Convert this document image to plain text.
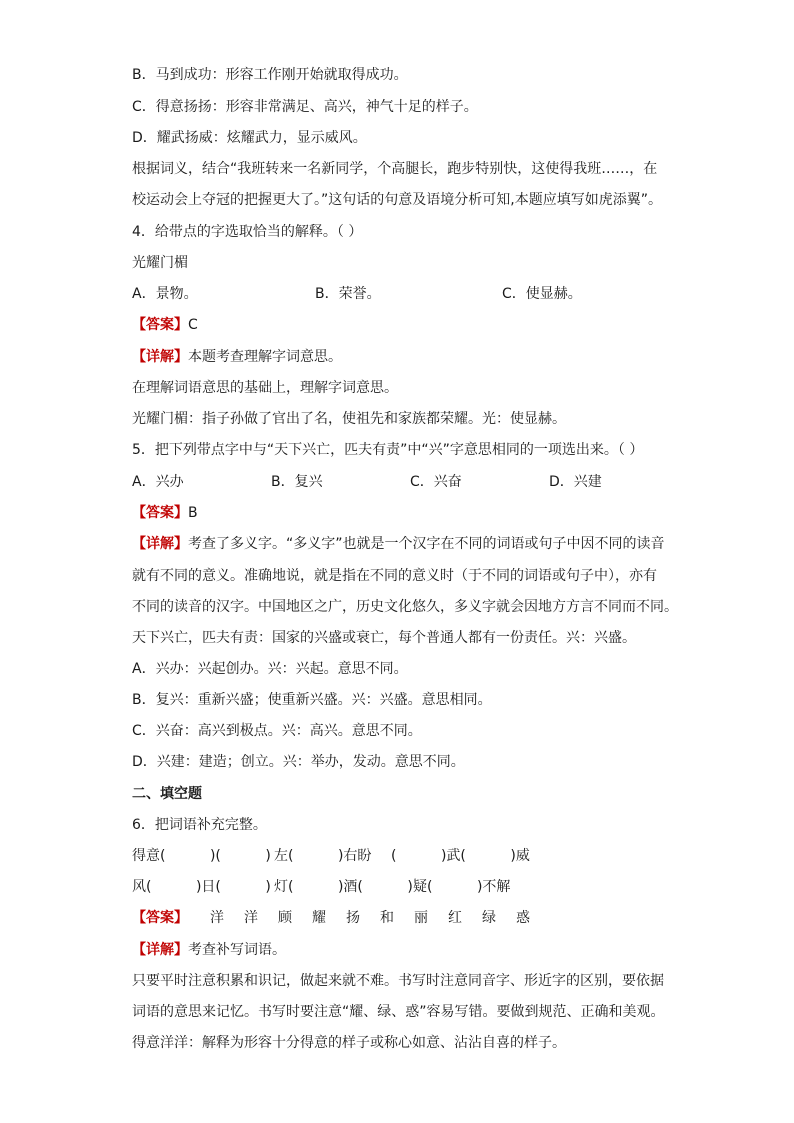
B．马到成功：形容工作刚开始就取得成功。
C．得意扬扬：形容非常满足、高兴，神气十足的样子。
D．耀武扬威：炫耀武力，显示威风。
根据词义，结合“我班转来一名新同学，个高腿长，跑步特别快，这使得我班……，在
校运动会上夺冠的把握更大了。”这句话的句意及语境分析可知,本题应填写如虎添翼”。
4．给带点的字选取恰当的解释。（ ）
光耀门楣
A．景物。	B．荣誉。	C．使显赫。
【答案】C
【详解】本题考查理解字词意思。
在理解词语意思的基础上，理解字词意思。
光耀门楣：指子孙做了官出了名，使祖先和家族都荣耀。光：使显赫。
5．把下列带点字中与“天下兴亡，匹夫有责”中“兴”字意思相同的一项选出来。（ ）
A．兴办	B．复兴	C．兴奋	D．兴建
【答案】B
【详解】考查了多义字。“多义字”也就是一个汉字在不同的词语或句子中因不同的读音
就有不同的意义。准确地说，就是指在不同的意义时（于不同的词语或句子中），亦有
不同的读音的汉字。中国地区之广，历史文化悠久，多义字就会因地方方言不同而不同。
天下兴亡，匹夫有责：国家的兴盛或衰亡，每个普通人都有一份责任。兴：兴盛。
A．兴办：兴起创办。兴：兴起。意思不同。
B．复兴：重新兴盛；使重新兴盛。兴：兴盛。意思相同。
C．兴奋：高兴到极点。兴：高兴。意思不同。
D．兴建：建造；创立。兴：举办，发动。意思不同。
二、填空题
6．把词语补充完整。
得意(          )(          ) 左(          )右盼	(          )武(          )威
风(          )日(          ) 灯(          )酒(          ) 疑(          )不解
【答案】 洋 洋 顾 耀 扬 和 丽 红 绿 惑
【详解】考查补写词语。
只要平时注意积累和识记，做起来就不难。书写时注意同音字、形近字的区别，要依据
词语的意思来记忆。书写时要注意“耀、绿、惑”容易写错。要做到规范、正确和美观。
得意洋洋：解释为形容十分得意的样子或称心如意、沾沾自喜的样子。
